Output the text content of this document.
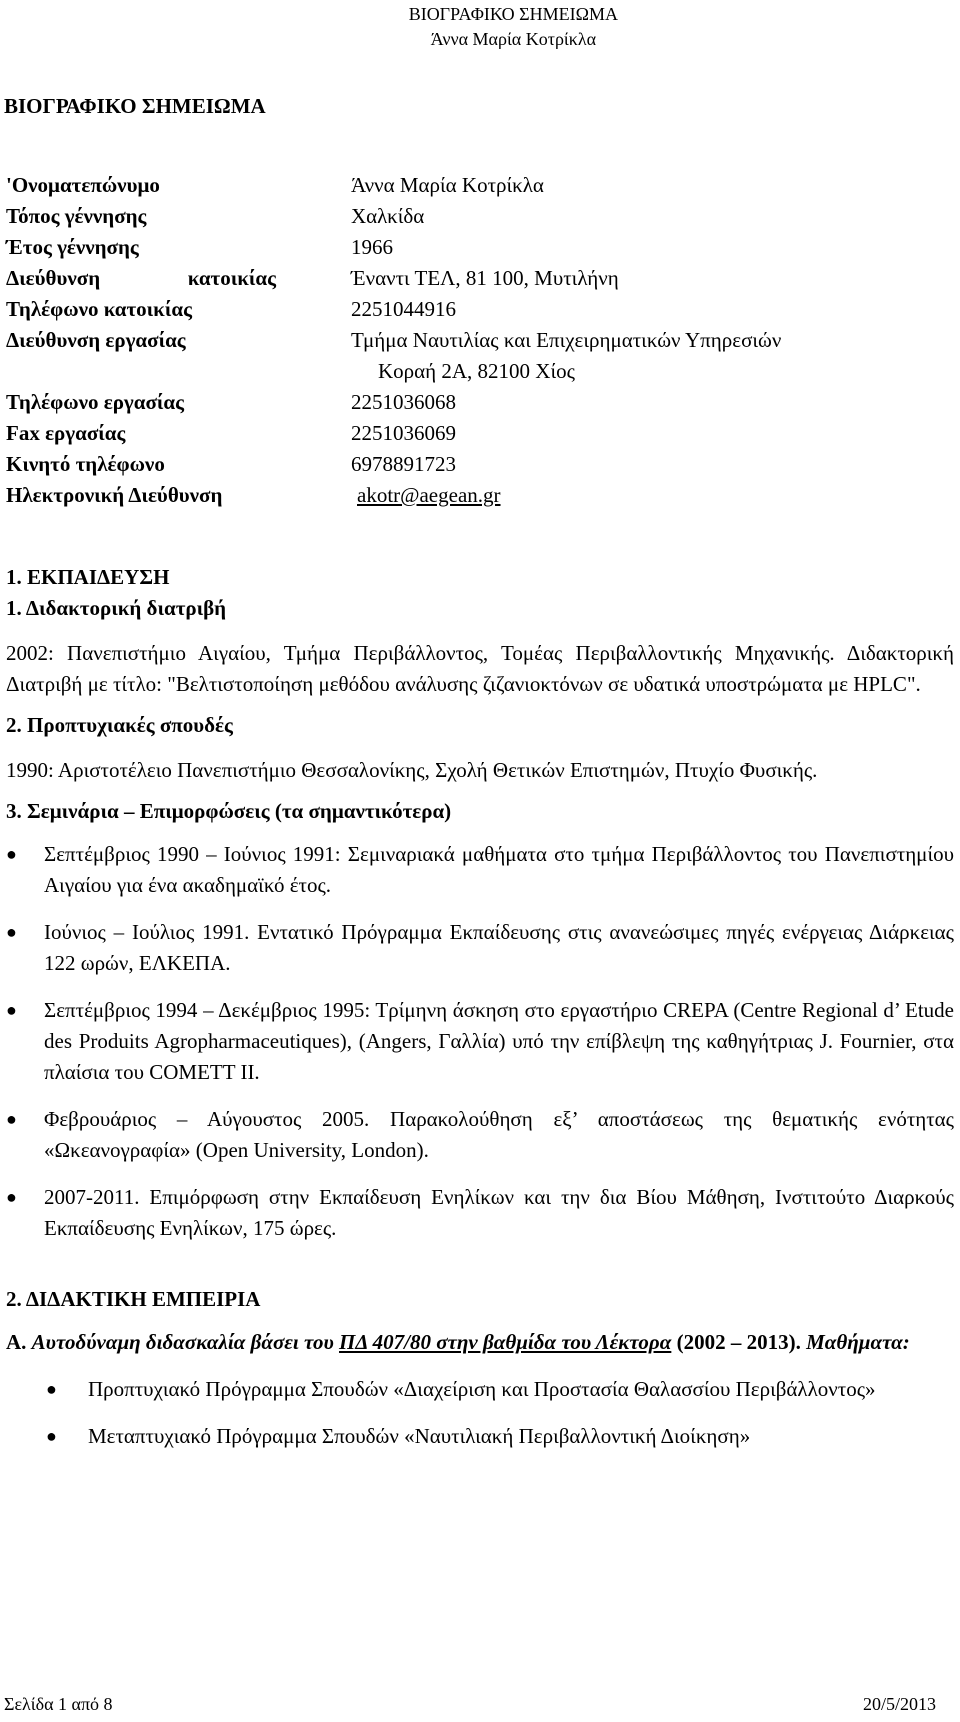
ΒΙΟΓΡΑΦΙΚΟ ΣΗΜΕΙΩΜΑ
Άννα Μαρία Κοτρίκλα
ΒΙΟΓΡΑΦΙΚΟ ΣΗΜΕΙΩΜΑ
'Ονοματεπώνυμο	Άννα Μαρία Κοτρίκλα
Τόπος γέννησης	Χαλκίδα
Έτος γέννησης	1966

Διεύθυνση κατοικίας	Έναντι ΤΕΛ, 81 100, Μυτιλήνη
Τηλέφωνο κατοικίας	2251044916
Διεύθυνση εργασίας	Τμήμα Ναυτιλίας και Επιχειρηματικών Υπηρεσιών
	Κοραή 2Α, 82100 Χίος
Τηλέφωνο εργασίας	2251036068
Fax εργασίας	2251036069
Κινητό τηλέφωνο	6978891723
Ηλεκτρονική Διεύθυνση	akotr@aegean.gr

1. ΕΚΠΑΙΔΕΥΣΗ

1. Διδακτορική διατριβή

2002: Πανεπιστήμιο Αιγαίου, Τμήμα Περιβάλλοντος, Τομέας Περιβαλλοντικής Μηχανικής. Διδακτορική Διατριβή με τίτλο: "Βελτιστοποίηση μεθόδου ανάλυσης ζιζανιοκτόνων σε υδατικά υποστρώματα με HPLC".

2. Προπτυχιακές σπουδές

1990: Αριστοτέλειο Πανεπιστήμιο Θεσσαλονίκης, Σχολή Θετικών Επιστημών, Πτυχίο Φυσικής.

3. Σεμινάρια – Επιμορφώσεις (τα σημαντικότερα)

● Σεπτέμβριος 1990 – Ιούνιος 1991: Σεμιναριακά μαθήματα στο τμήμα Περιβάλλοντος του Πανεπιστημίου Αιγαίου για ένα ακαδημαϊκό έτος.
● Ιούνιος – Ιούλιος 1991. Εντατικό Πρόγραμμα Εκπαίδευσης στις ανανεώσιμες πηγές ενέργειας Διάρκειας 122 ωρών, ΕΛΚΕΠΑ.
● Σεπτέμβριος 1994 – Δεκέμβριος 1995: Τρίμηνη άσκηση στο εργαστήριο CREPA (Centre Regional d’ Etude des Produits Agropharmaceutiques), (Angers, Γαλλία) υπό την επίβλεψη της καθηγήτριας J. Fournier, στα πλαίσια του COMETT II.
● Φεβρουάριος – Αύγουστος 2005. Παρακολούθηση εξ’ αποστάσεως της θεματικής ενότητας «Ωκεανογραφία» (Open University, London).
● 2007-2011. Επιμόρφωση στην Εκπαίδευση Ενηλίκων και την δια Βίου Μάθηση, Ινστιτούτο Διαρκούς Εκπαίδευσης Ενηλίκων, 175 ώρες.

2. ΔΙΔΑΚΤΙΚΗ ΕΜΠΕΙΡΙΑ

Α. Αυτοδύναμη διδασκαλία βάσει του ΠΔ 407/80 στην βαθμίδα του Λέκτορα (2002 – 2013). Μαθήματα:

● Προπτυχιακό Πρόγραμμα Σπουδών «Διαχείριση και Προστασία Θαλασσίου Περιβάλλοντος»
● Μεταπτυχιακό Πρόγραμμα Σπουδών «Ναυτιλιακή Περιβαλλοντική Διοίκηση»
Σελίδα 1 από 8	20/5/2013
